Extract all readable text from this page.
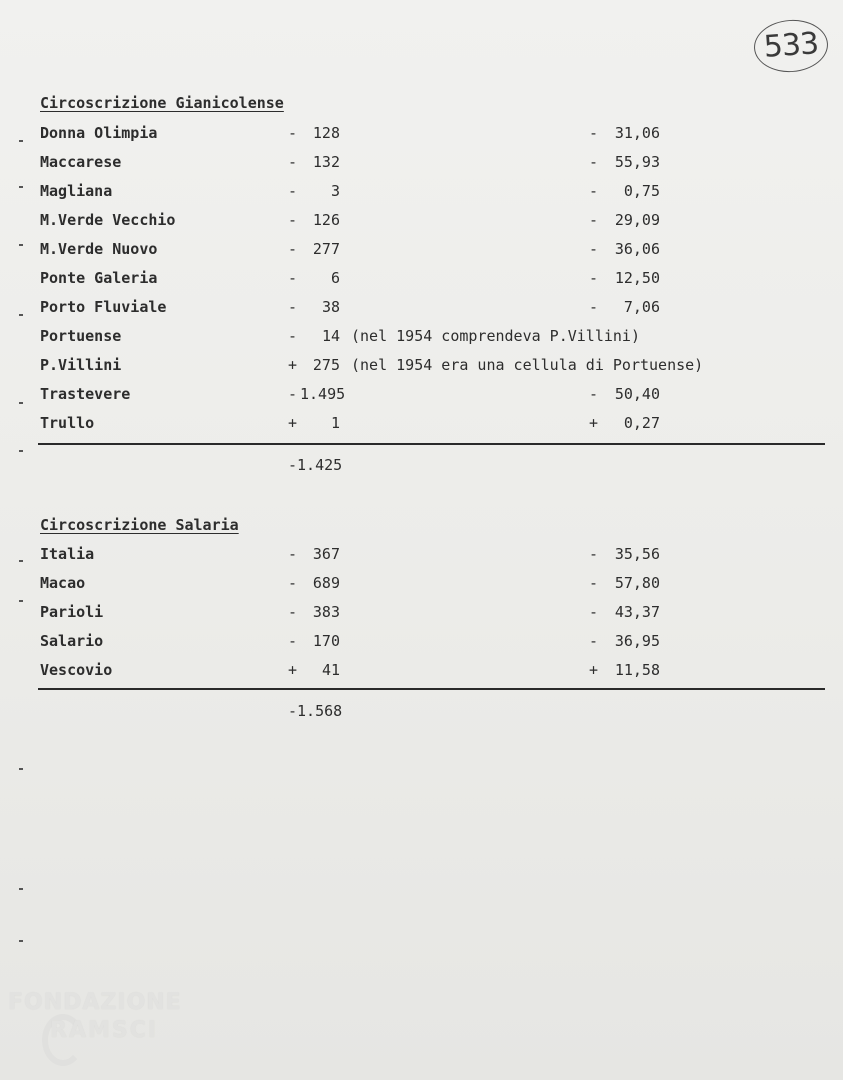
533
Circoscrizione Gianicolense
Donna Olimpia	-	128	-	31,06
Maccarese	-	132	-	55,93
Magliana	-	3	-	0,75
M.Verde Vecchio	-	126	-	29,09
M.Verde Nuovo	-	277	-	36,06
Ponte Galeria	-	6	-	12,50
Porto Fluviale	-	38	-	7,06
Portuense	-	14 (nel 1954 comprendeva P.Villini)
P.Villini	+	275 (nel 1954 era una cellula di Portuense)
Trastevere	- 1.495	-	50,40
Trullo	+	1	+	0,27
-1.425
Circoscrizione Salaria
Italia	-	367	-	35,56
Macao	-	689	-	57,80
Parioli	-	383	-	43,37
Salario	-	170	-	36,95
Vescovio	+	41	+	11,58
-1.568
FONDAZIONE
RAMSCI
